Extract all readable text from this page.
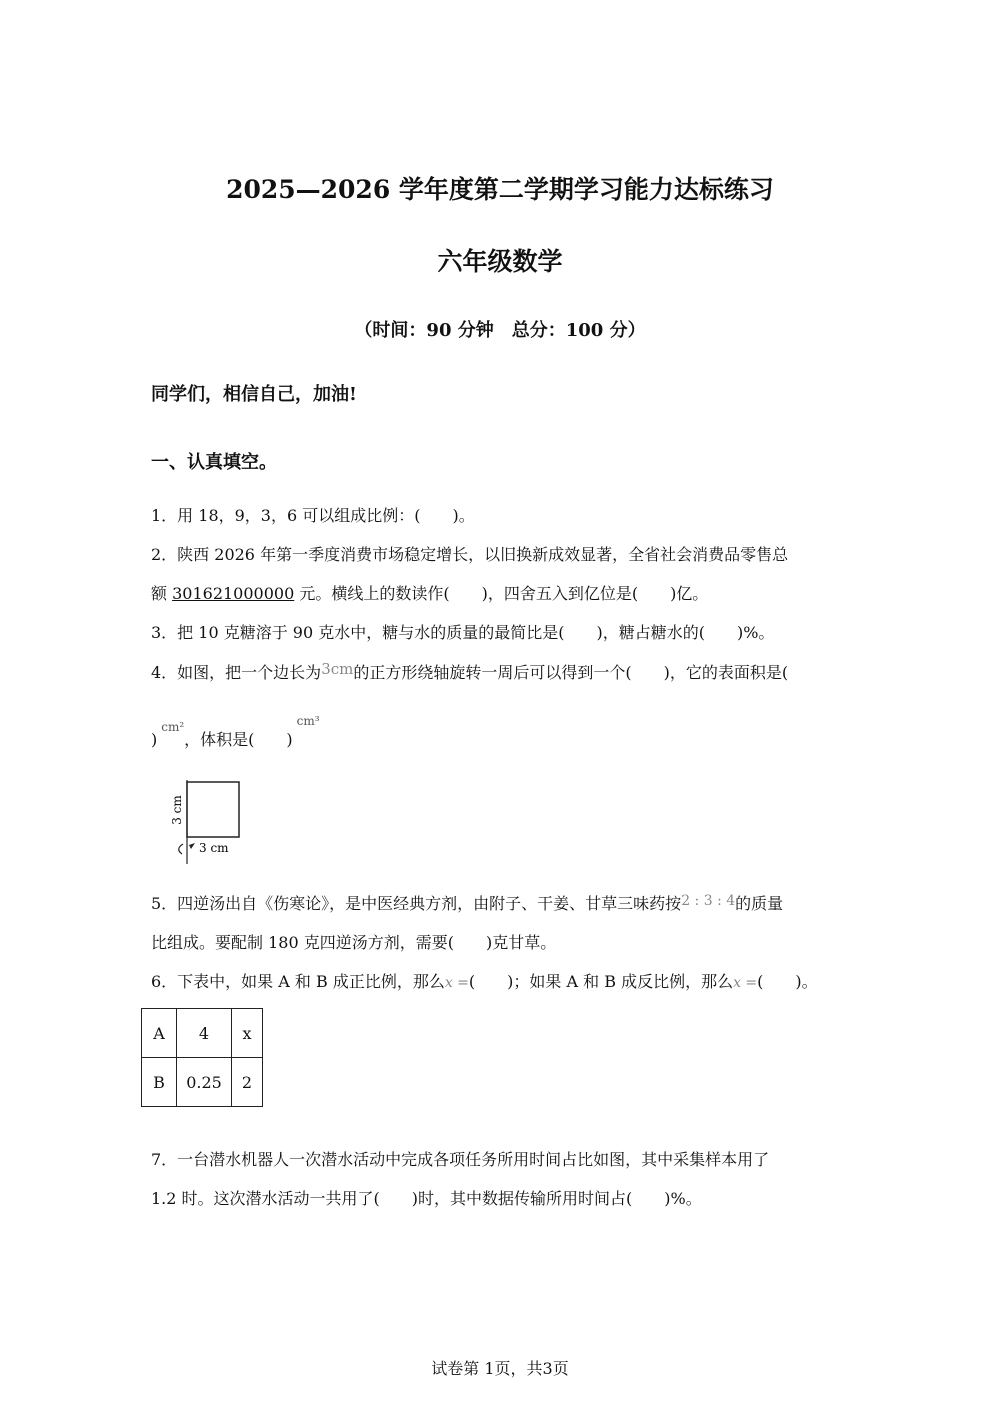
2025—2026 学年度第二学期学习能力达标练习
六年级数学
（时间：90 分钟　总分：100 分）
同学们，相信自己，加油!
一、认真填空。
1．用 18，9，3，6 可以组成比例：(　　)。
2．陕西 2026 年第一季度消费市场稳定增长，以旧换新成效显著，全省社会消费品零售总
额 301621000000 元。横线上的数读作(　　)，四舍五入到亿位是(　　)亿。
3．把 10 克糖溶于 90 克水中，糖与水的质量的最简比是(　　)，糖占糖水的(　　)%。
4．如图，把一个边长为3cm的正方形绕轴旋转一周后可以得到一个(　　)，它的表面积是(
)$^{cm^2}$，体积是(　　)$^{cm^3}$
3 cm
3 cm
5．四逆汤出自《伤寒论》，是中医经典方剂，由附子、干姜、甘草三味药按2 : 3 : 4的质量
比组成。要配制 180 克四逆汤方剂，需要(　　)克甘草。
6．下表中，如果 A 和 B 成正比例，那么x =(　　)；如果 A 和 B 成反比例，那么x =(　　)。
A	4	x
B	0.25	2
7．一台潜水机器人一次潜水活动中完成各项任务所用时间占比如图，其中采集样本用了
1.2 时。这次潜水活动一共用了(　　)时，其中数据传输所用时间占(　　)%。
试卷第 1页，共3页
